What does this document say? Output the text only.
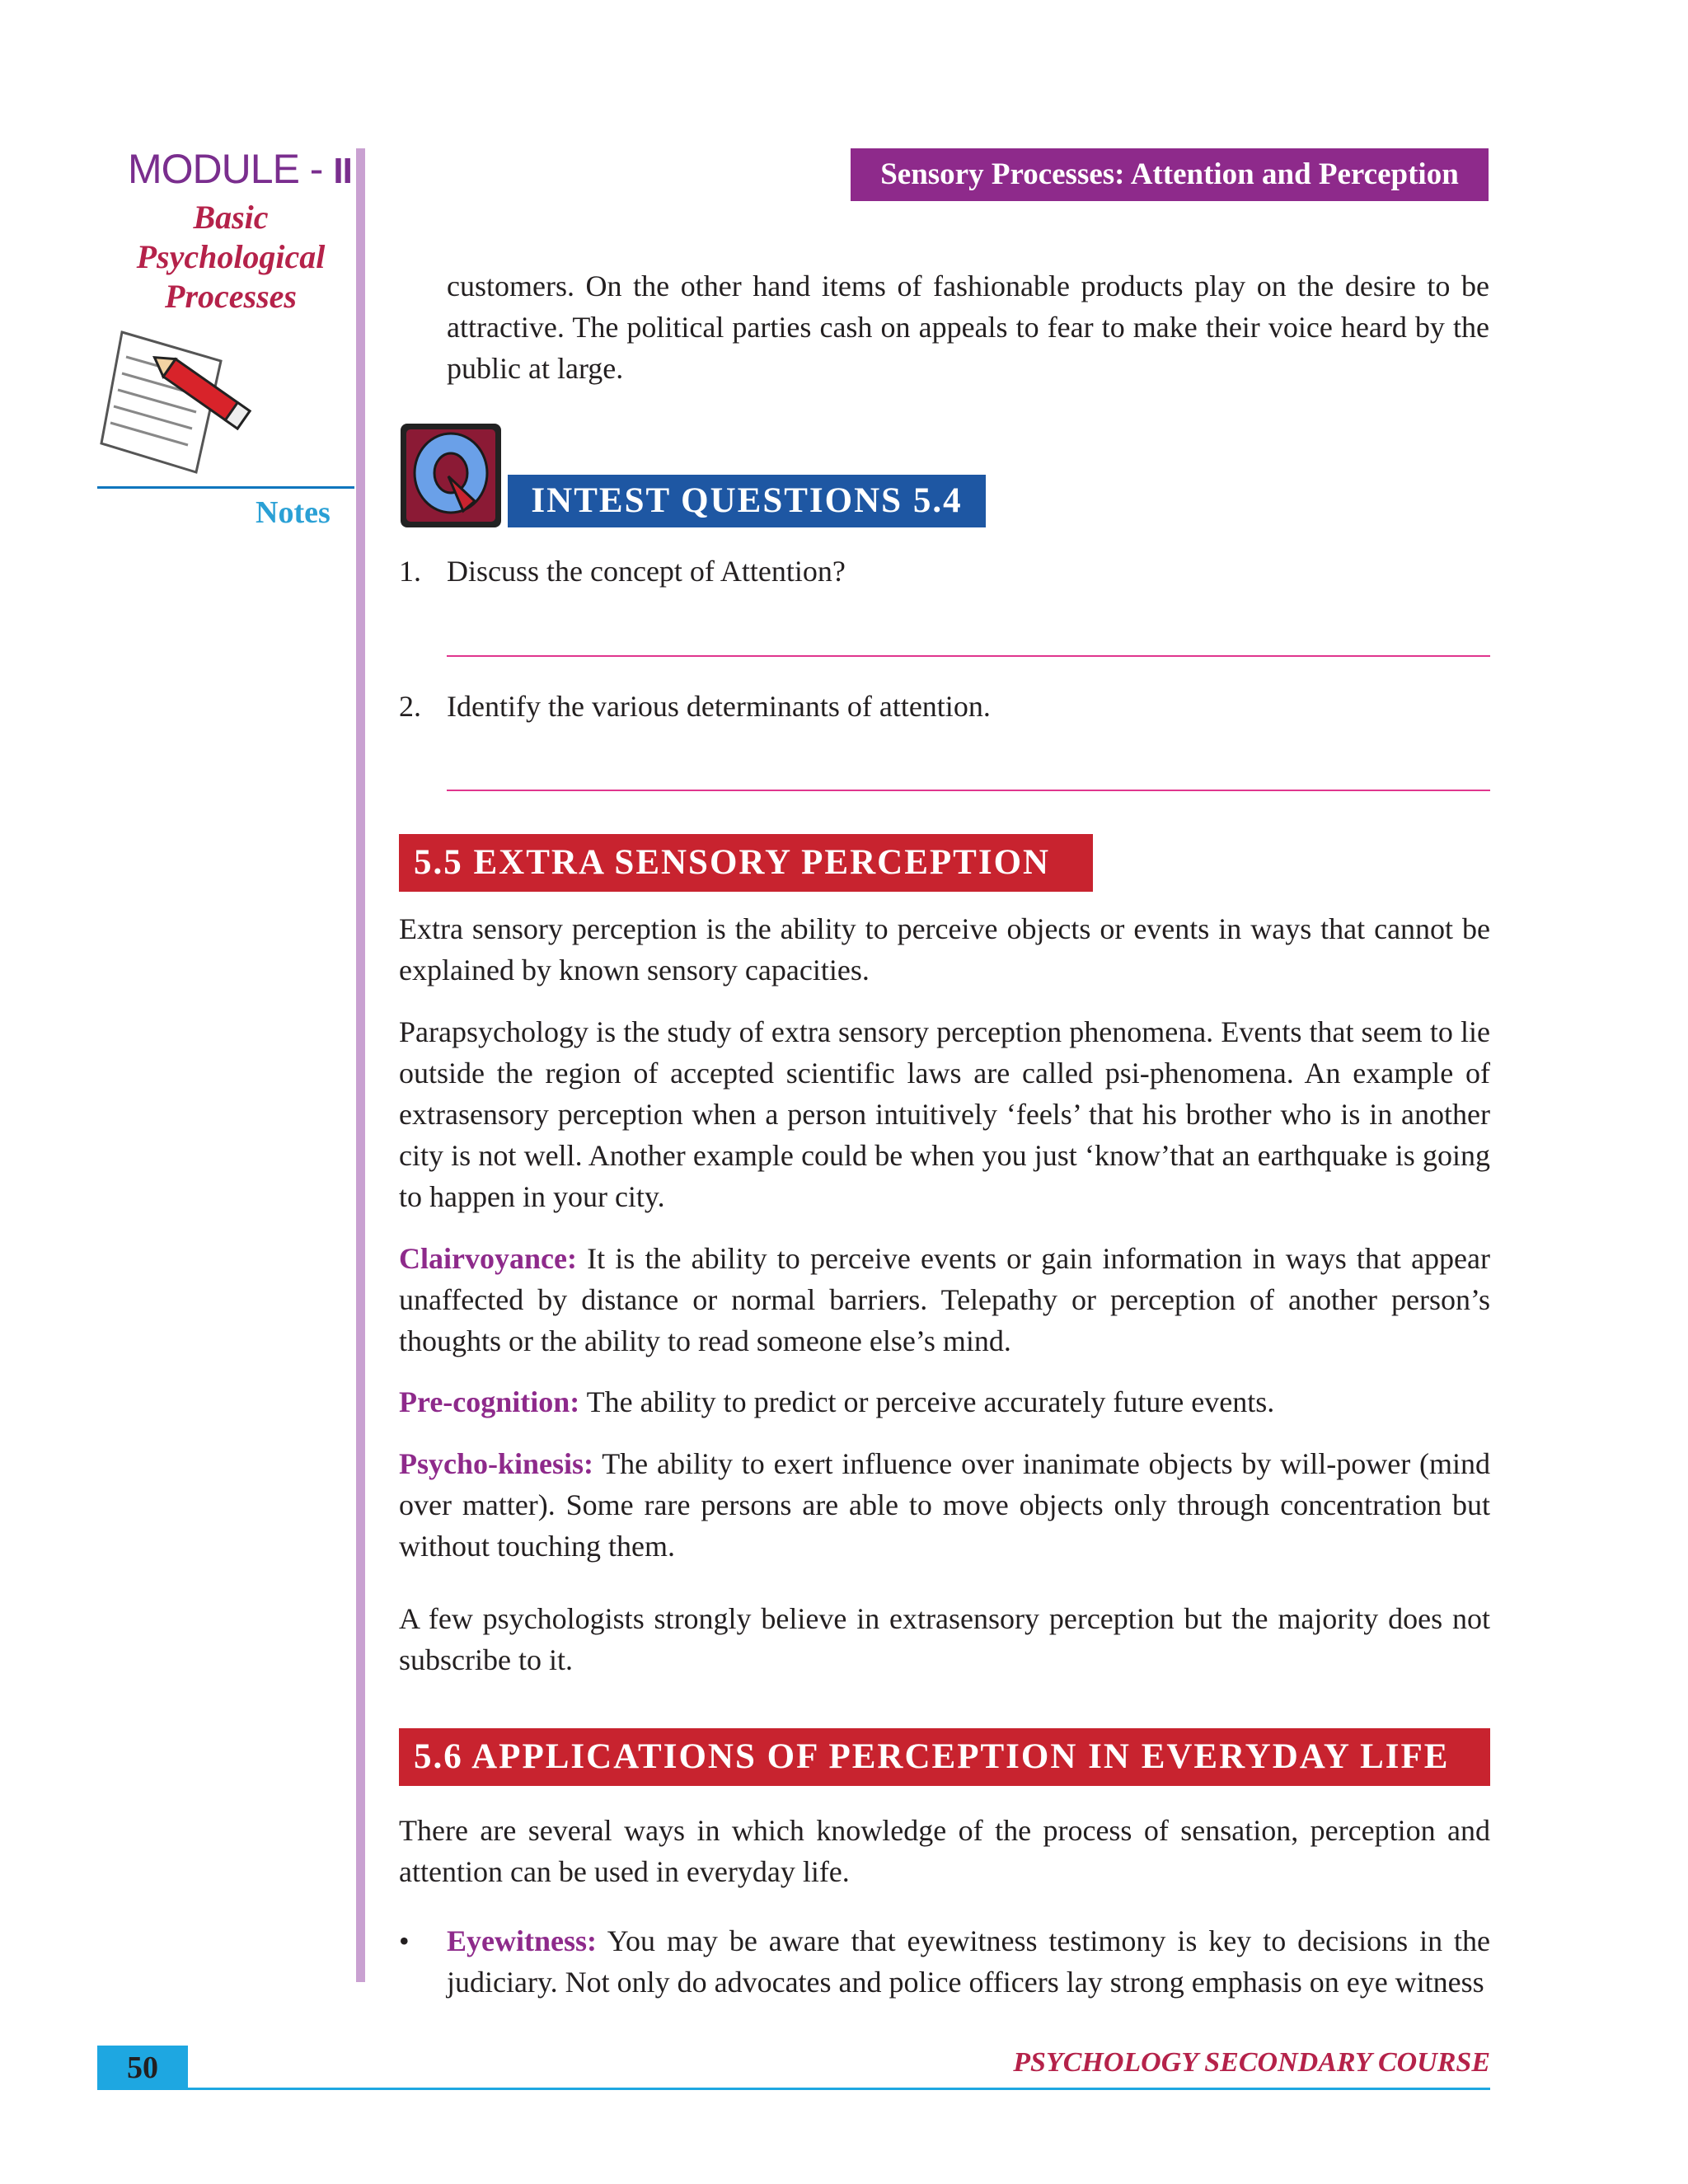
MODULE - II
Basic
Psychological
Processes
Notes
Sensory Processes: Attention and Perception
customers. On the other hand items of fashionable products play on the desire to be attractive. The political parties cash on appeals to fear to make their voice heard by the public at large.
INTEST QUESTIONS 5.4
1. Discuss the concept of Attention?
2. Identify the various determinants of attention.
5.5 EXTRA SENSORY PERCEPTION
Extra sensory perception is the ability to perceive objects or events in ways that cannot be explained by known sensory capacities.
Parapsychology is the study of extra sensory perception phenomena. Events that seem to lie outside the region of accepted scientific laws are called psi-phenomena. An example of extrasensory perception when a person intuitively ‘feels’ that his brother who is in another city is not well. Another example could be when you just ‘know’that an earthquake is going to happen in your city.
Clairvoyance: It is the ability to perceive events or gain information in ways that appear unaffected by distance or normal barriers. Telepathy or perception of another person’s thoughts or the ability to read someone else’s mind.
Pre-cognition: The ability to predict or perceive accurately future events.
Psycho-kinesis: The ability to exert influence over inanimate objects by will-power (mind over matter). Some rare persons are able to move objects only through concentration but without touching them.
A few psychologists strongly believe in extrasensory perception but the majority does not subscribe to it.
5.6 APPLICATIONS OF PERCEPTION IN EVERYDAY LIFE
There are several ways in which knowledge of the process of sensation, perception and attention can be used in everyday life.
• Eyewitness: You may be aware that eyewitness testimony is key to decisions in the judiciary. Not only do advocates and police officers lay strong emphasis on eye witness
50	PSYCHOLOGY SECONDARY COURSE
